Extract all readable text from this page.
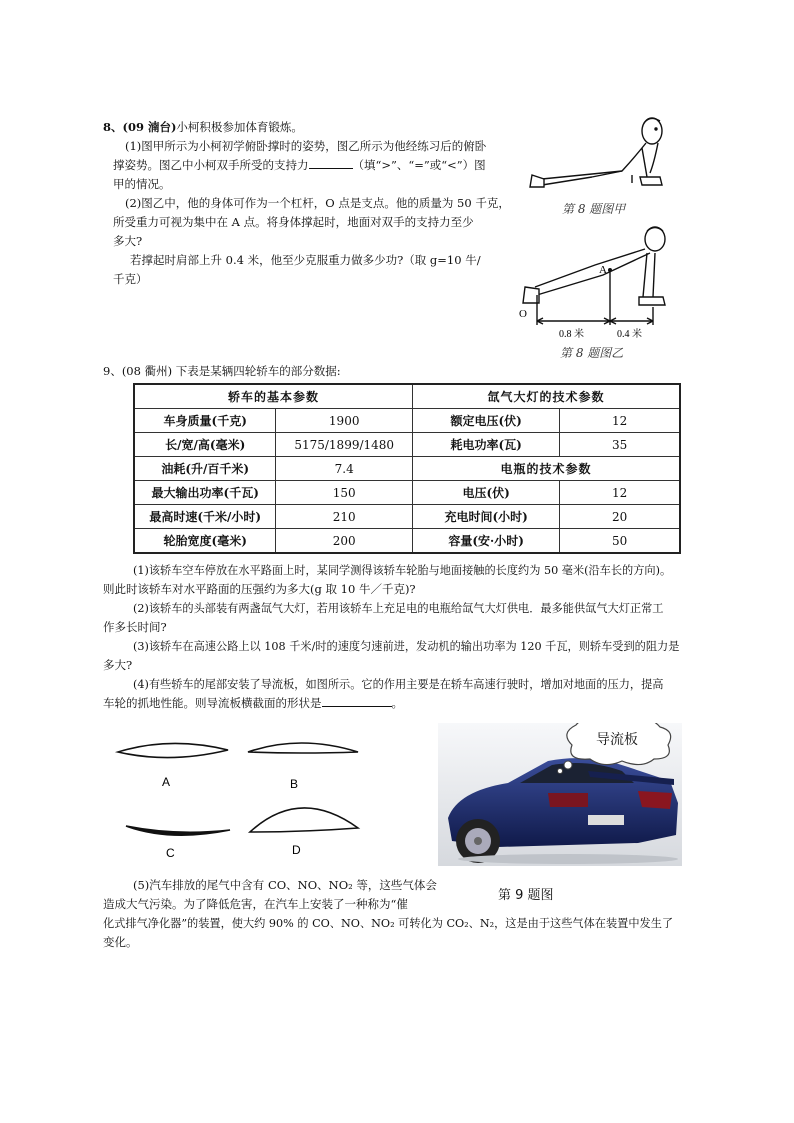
8、(09 湳台)小柯积极参加体育锻炼。
(1)图甲所示为小柯初学俯卧撑时的姿势，图乙所示为他经练习后的俯卧
撑姿势。图乙中小柯双手所受的支持力	（填“>”、“=”或“<”）图
甲的情况。
(2)图乙中，他的身体可作为一个杠杆，O 点是支点。他的质量为 50 千克，
所受重力可视为集中在 A 点。将身体撑起时，地面对双手的支持力至少
多大?
若撑起时肩部上升 0.4 米，他至少克服重力做多少功?（取 g=10 牛/
千克）
第 8 题图甲
A
O
0.8 米	0.4 米
第 8 题图乙
9、(08 衢州) 下表是某辆四轮轿车的部分数据:
轿车的基本参数		氙气大灯的技术参数	
车身质量(千克)	1900	额定电压(伏)	12
长/宽/高(毫米)	5175/1899/1480	耗电功率(瓦)	35
油耗(升/百千米)	7.4	电瓶的技术参数	
最大输出功率(千瓦)	150	电压(伏)	12
最高时速(千米/小时)	210	充电时间(小时)	20
轮胎宽度(毫米)	200	容量(安·小时)	50
(1)该轿车空车停放在水平路面上时，某同学测得该轿车轮胎与地面接触的长度约为 50 毫米(沿车长的方向)。
则此时该轿车对水平路面的压强约为多大(g 取 10 牛／千克)?
(2)该轿车的头部装有两盏氙气大灯，若用该轿车上充足电的电瓶给氙气大灯供电．最多能供氙气大灯正常工
作多长时间?
(3)该轿车在高速公路上以 108 千米/时的速度匀速前进，发动机的输出功率为 120 千瓦，则轿车受到的阻力是
多大?
(4)有些轿车的尾部安装了导流板，如图所示。它的作用主要是在轿车高速行驶时，增加对地面的压力，提高
车轮的抓地性能。则导流板横截面的形状是	。
A	B
C	D
导流板
第 9 题图
(5)汽车排放的尾气中含有 CO、NO、NO₂ 等，这些气体会
造成大气污染。为了降低危害，在汽车上安装了一种称为“催
化式排气净化器”的装置，使大约 90% 的 CO、NO、NO₂ 可转化为 CO₂、N₂，这是由于这些气体在装置中发生了
变化。
